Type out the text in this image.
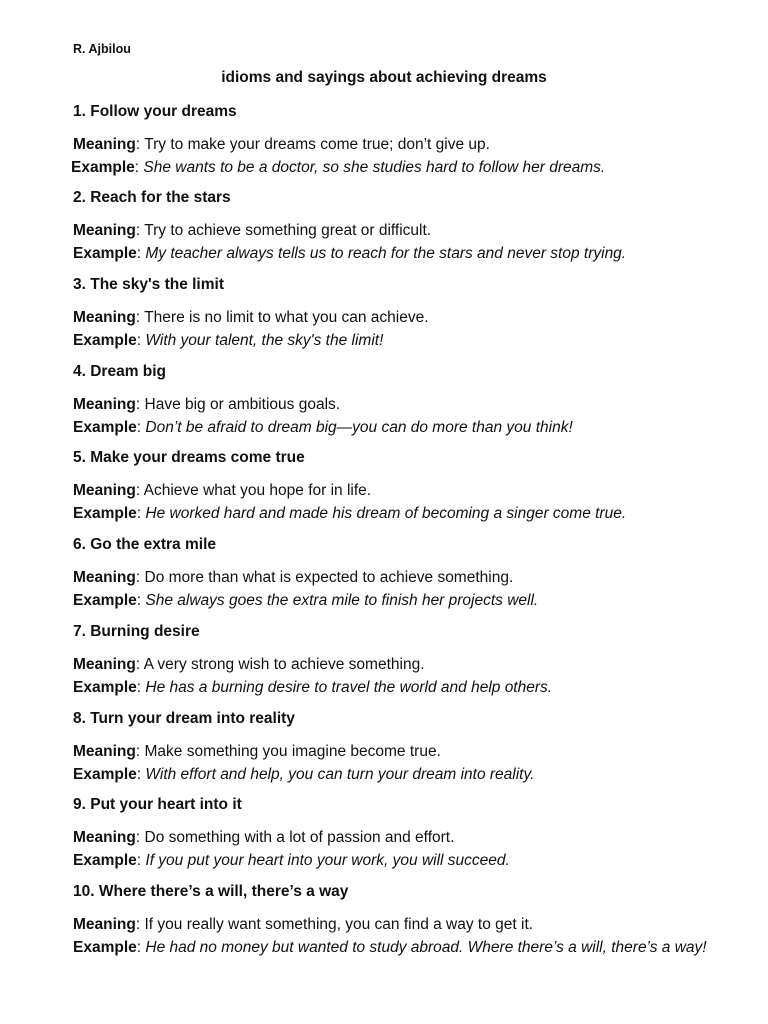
R. Ajbilou
idioms and sayings about achieving dreams
1. Follow your dreams
Meaning: Try to make your dreams come true; don’t give up.
Example: She wants to be a doctor, so she studies hard to follow her dreams.
2. Reach for the stars
Meaning: Try to achieve something great or difficult.
Example: My teacher always tells us to reach for the stars and never stop trying.
3. The sky's the limit
Meaning: There is no limit to what you can achieve.
Example: With your talent, the sky's the limit!
4. Dream big
Meaning: Have big or ambitious goals.
Example: Don’t be afraid to dream big—you can do more than you think!
5. Make your dreams come true
Meaning: Achieve what you hope for in life.
Example: He worked hard and made his dream of becoming a singer come true.
6. Go the extra mile
Meaning: Do more than what is expected to achieve something.
Example: She always goes the extra mile to finish her projects well.
7. Burning desire
Meaning: A very strong wish to achieve something.
Example: He has a burning desire to travel the world and help others.
8. Turn your dream into reality
Meaning: Make something you imagine become true.
Example: With effort and help, you can turn your dream into reality.
9. Put your heart into it
Meaning: Do something with a lot of passion and effort.
Example: If you put your heart into your work, you will succeed.
10. Where there’s a will, there’s a way
Meaning: If you really want something, you can find a way to get it.
Example: He had no money but wanted to study abroad. Where there’s a will, there’s a way!
